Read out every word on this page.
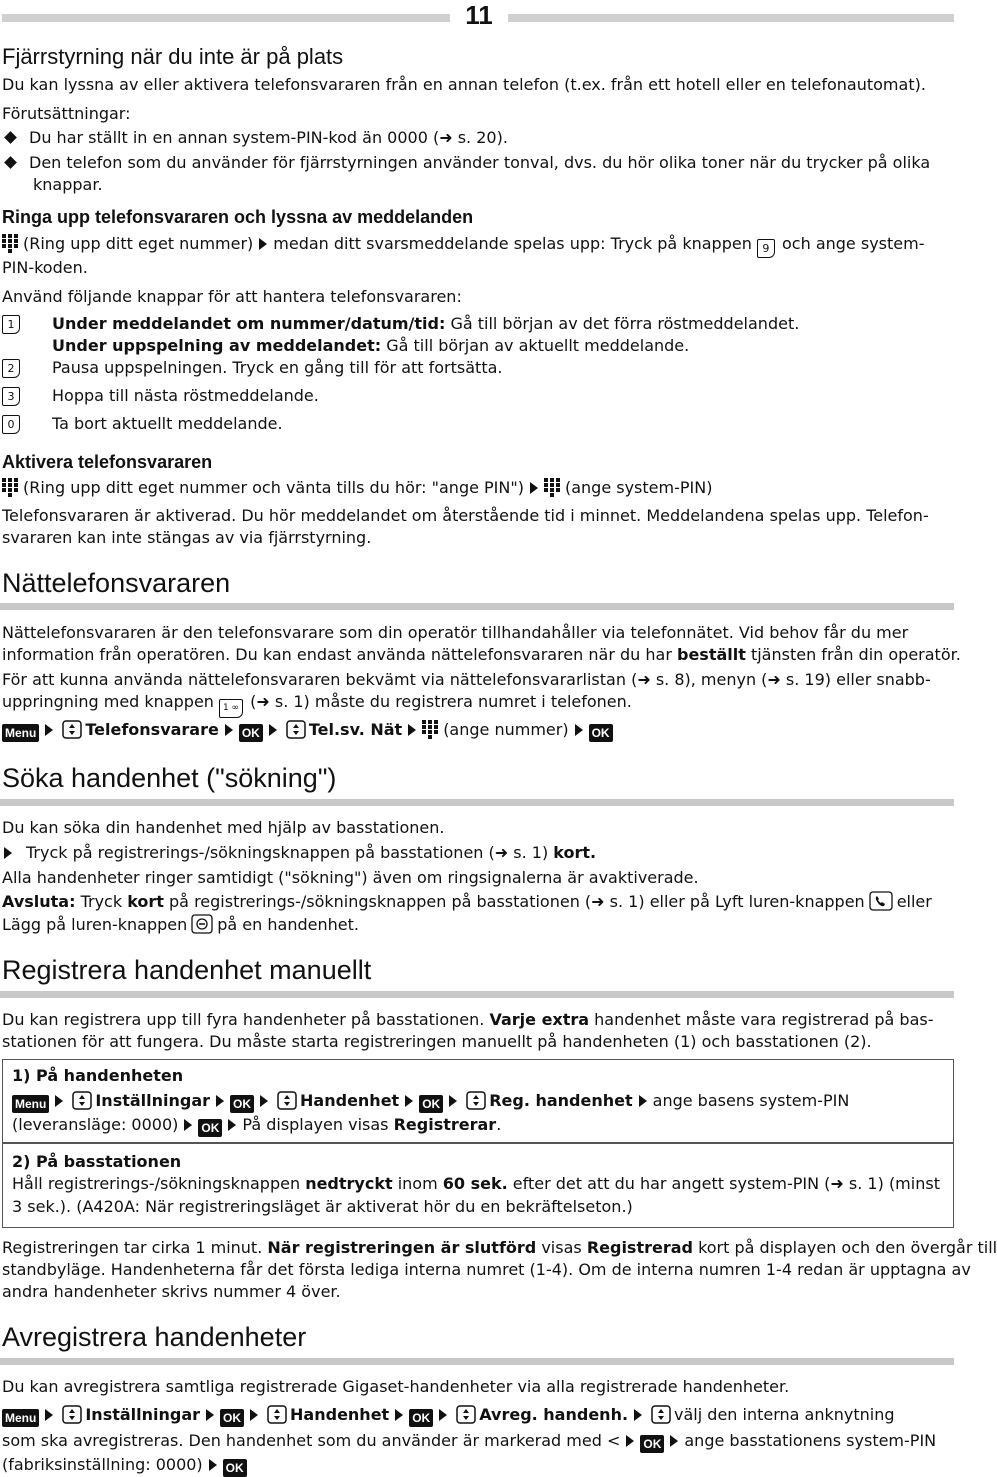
11
Fjärrstyrning när du inte är på plats
Du kan lyssna av eller aktivera telefonsvararen från en annan telefon (t.ex. från ett hotell eller en telefonautomat).
Förutsättningar:
Du har ställt in en annan system-PIN-kod än 0000 (➜ s. 20).
Den telefon som du använder för fjärrstyrningen använder tonval, dvs. du hör olika toner när du trycker på olika
knappar.
Ringa upp telefonsvararen och lyssna av meddelanden
(Ring upp ditt eget nummer) medan ditt svarsmeddelande spelas upp: Tryck på knappen 9 och ange system-
PIN-koden.
Använd följande knappar för att hantera telefonsvararen:
1	Under meddelandet om nummer/datum/tid: Gå till början av det förra röstmeddelandet.
Under uppspelning av meddelandet: Gå till början av aktuellt meddelande.
2	Pausa uppspelningen. Tryck en gång till för att fortsätta.
3	Hoppa till nästa röstmeddelande.
0	Ta bort aktuellt meddelande.
Aktivera telefonsvararen
(Ring upp ditt eget nummer och vänta tills du hör: "ange PIN")	(ange system-PIN)
Telefonsvararen är aktiverad. Du hör meddelandet om återstående tid i minnet. Meddelandena spelas upp. Telefon-
svararen kan inte stängas av via fjärrstyrning.
Nättelefonsvararen
Nättelefonsvararen är den telefonsvarare som din operatör tillhandahåller via telefonnätet. Vid behov får du mer
information från operatören. Du kan endast använda nättelefonsvararen när du har beställt tjänsten från din operatör.
För att kunna använda nättelefonsvararen bekvämt via nättelefonsvararlistan (➜ s. 8), menyn (➜ s. 19) eller snabb-
uppringning med knappen 1 ∞ (➜ s. 1) måste du registrera numret i telefonen.
Menu	Telefonsvarare OK	Tel.sv. Nät	(ange nummer) OK
Söka handenhet ("sökning")
Du kan söka din handenhet med hjälp av basstationen.
Tryck på registrerings-/sökningsknappen på basstationen (➜ s. 1) kort.
Alla handenheter ringer samtidigt ("sökning") även om ringsignalerna är avaktiverade.
Avsluta: Tryck kort på registrerings-/sökningsknappen på basstationen (➜ s. 1) eller på Lyft luren-knappen eller
Lägg på luren-knappen på en handenhet.
Registrera handenhet manuellt
Du kan registrera upp till fyra handenheter på basstationen. Varje extra handenhet måste vara registrerad på bas-
stationen för att fungera. Du måste starta registreringen manuellt på handenheten (1) och basstationen (2).
1) På handenheten
Menu	Inställningar OK	Handenhet OK	Reg. handenhet ange basens system-PIN
(leveransläge: 0000) OK På displayen visas Registrerar.
2) På basstationen
Håll registrerings-/sökningsknappen nedtryckt inom 60 sek. efter det att du har angett system-PIN (➜ s. 1) (minst
3 sek.). (A420A: När registreringsläget är aktiverat hör du en bekräftelseton.)
Registreringen tar cirka 1 minut. När registreringen är slutförd visas Registrerad kort på displayen och den övergår till
standbyläge. Handenheterna får det första lediga interna numret (1-4). Om de interna numren 1-4 redan är upptagna av
andra handenheter skrivs nummer 4 över.
Avregistrera handenheter
Du kan avregistrera samtliga registrerade Gigaset-handenheter via alla registrerade handenheter.
Menu	Inställningar OK	Handenhet OK	Avreg. handenh.	välj den interna anknytning
som ska avregistreras. Den handenhet som du använder är markerad med < OK ange basstationens system-PIN
(fabriksinställning: 0000) OK
